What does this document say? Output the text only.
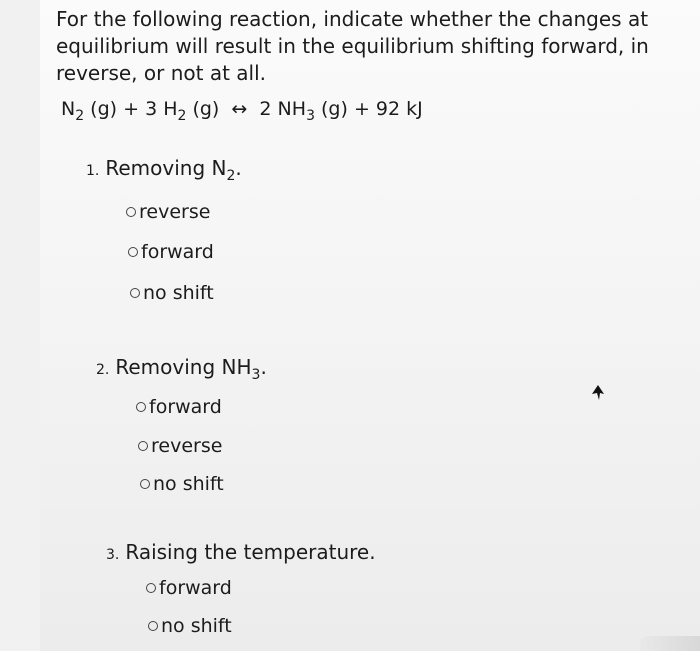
For the following reaction, indicate whether the changes at equilibrium will result in the equilibrium shifting forward, in reverse, or not at all.

$N_2$ (g) + 3 $H_2$ (g)  ↔  2 $NH_3$ (g) + 92 kJ
1. Removing $N_2$.
reverse
forward
no shift
2. Removing $NH_3$.
forward
reverse
no shift
3. Raising the temperature.
forward
no shift
